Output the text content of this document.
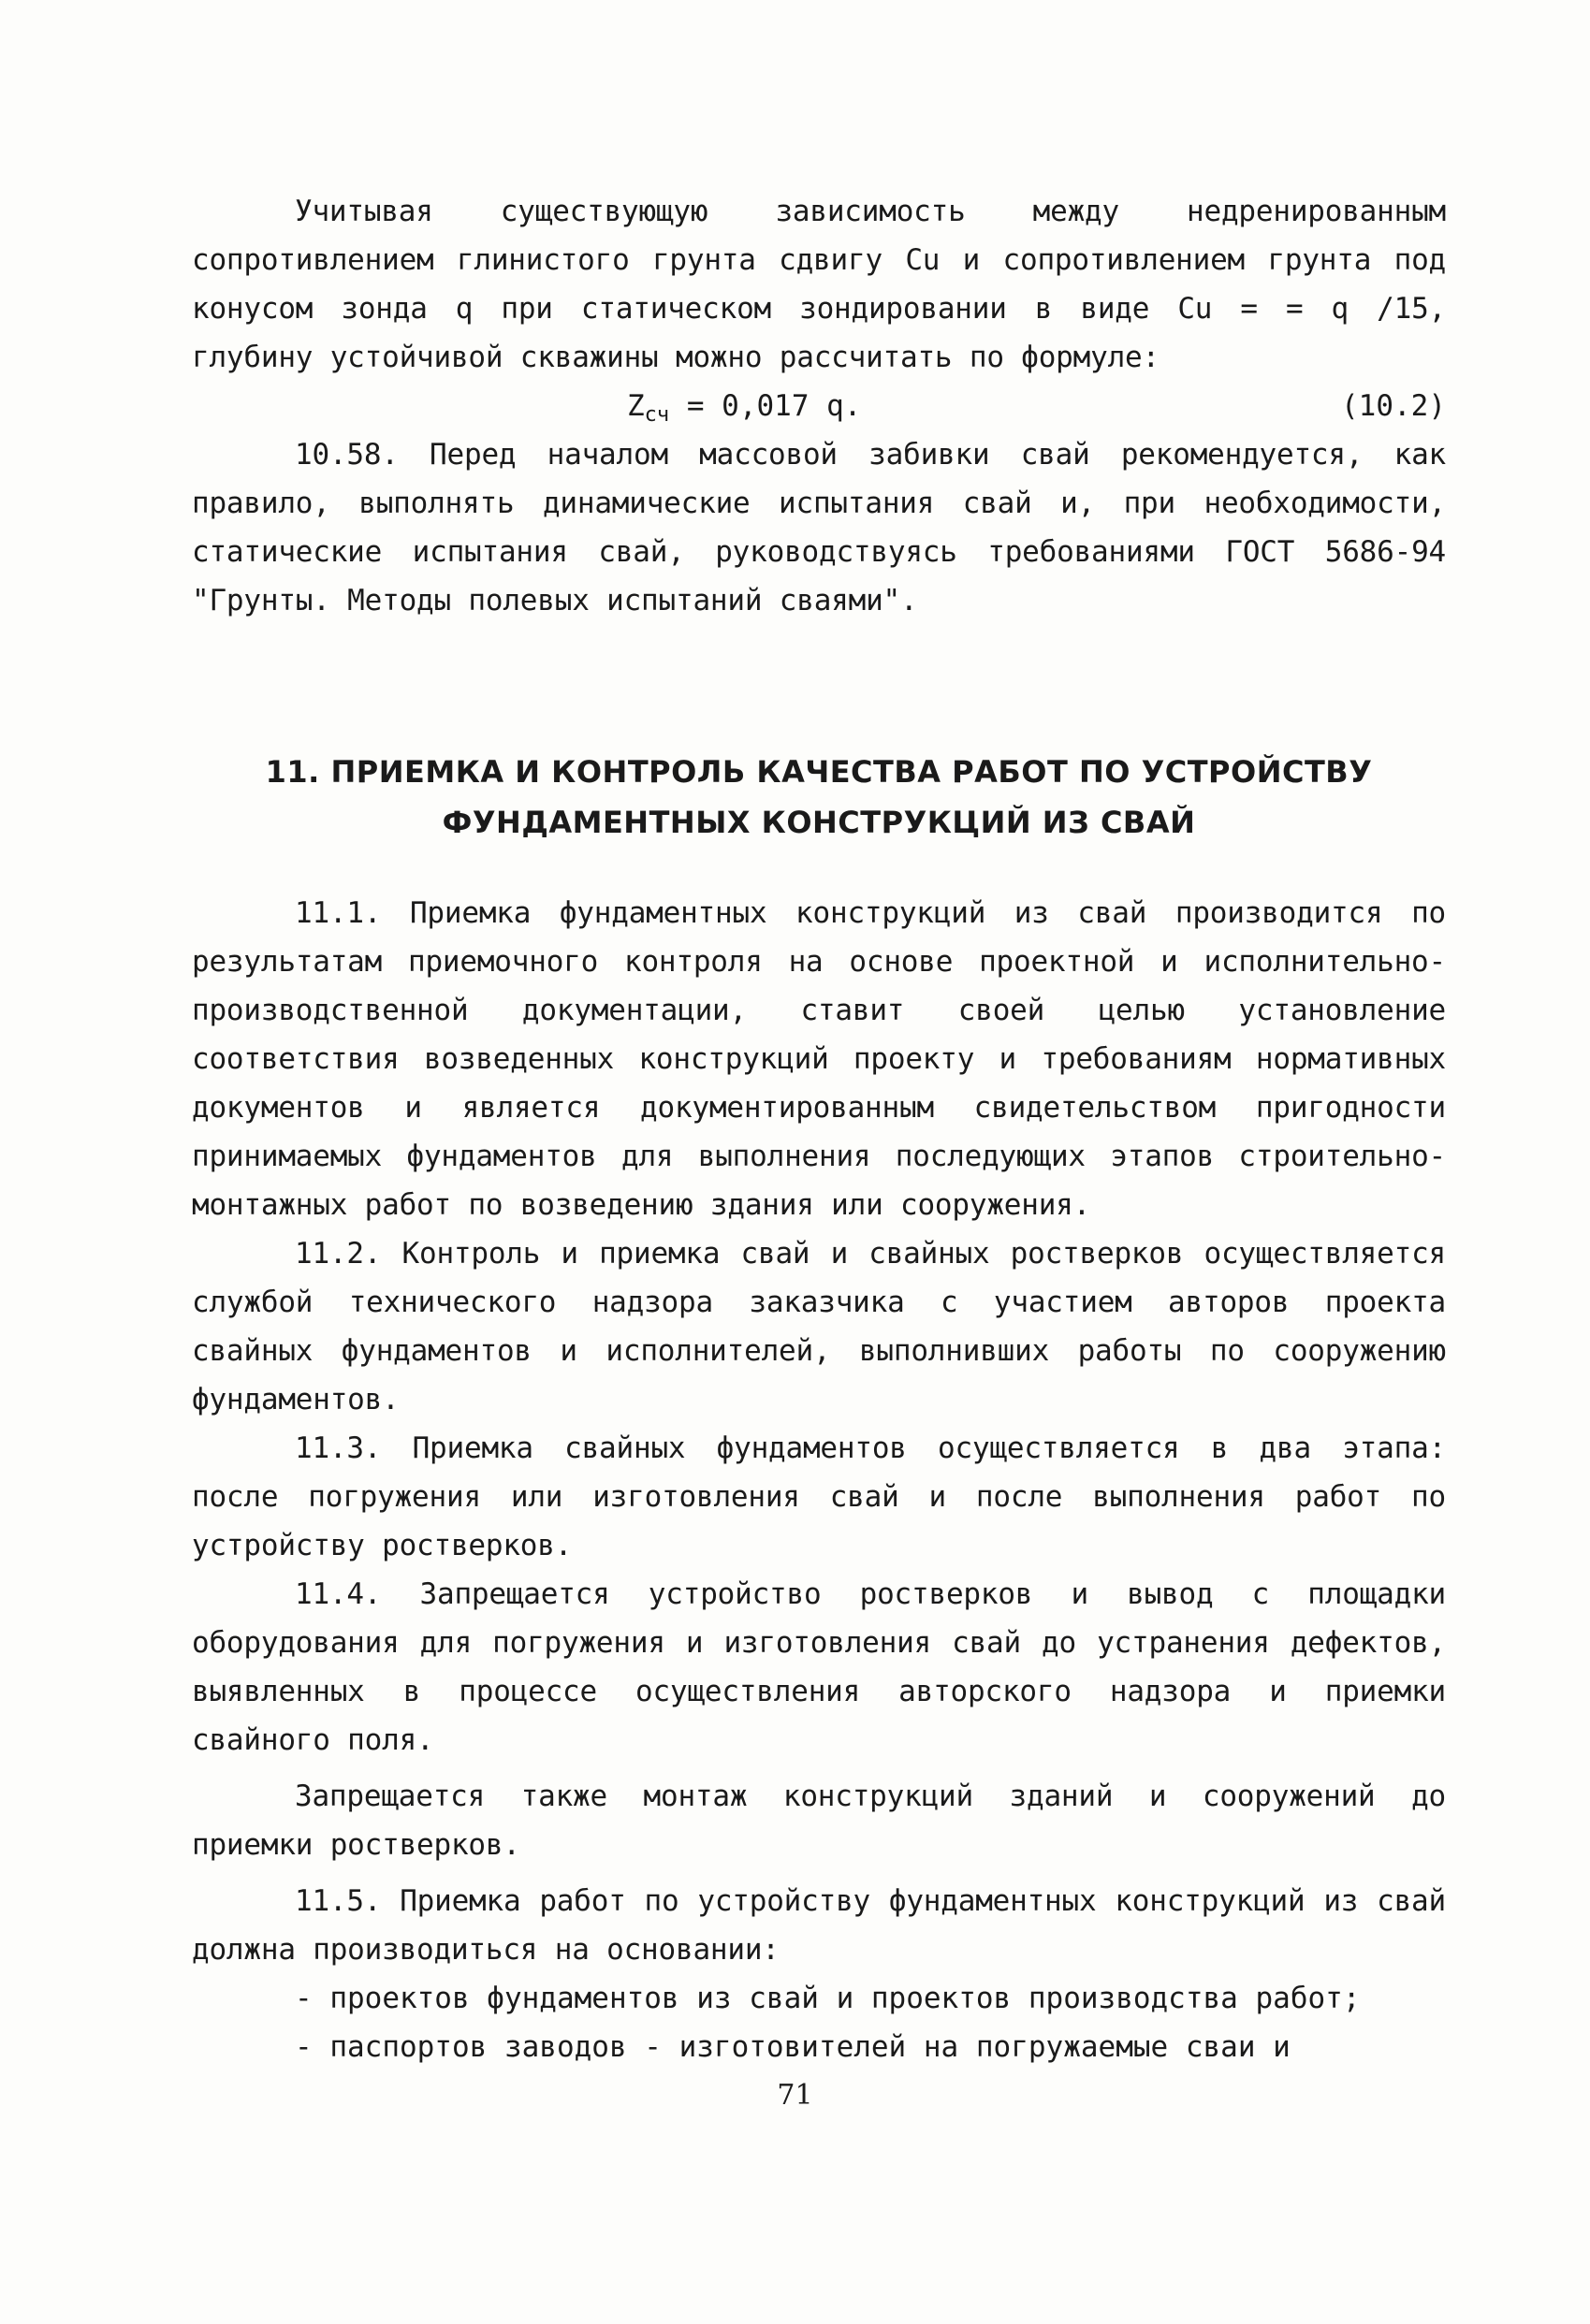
Учитывая существующую зависимость между недренированным сопротивлением глинистого грунта сдвигу Cu и сопротивлением грунта под конусом зонда q при статическом зондировании в виде Cu = = q /15, глубину устойчивой скважины можно рассчитать по формуле:

$Z_{сч} = 0,017$ q.	(10.2)

10.58. Перед началом массовой забивки свай рекомендуется, как правило, выполнять динамические испытания свай и, при необходимости, статические испытания свай, руководствуясь требованиями ГОСТ 5686-94 "Грунты. Методы полевых испытаний сваями".

11. ПРИЕМКА И КОНТРОЛЬ КАЧЕСТВА РАБОТ ПО УСТРОЙСТВУ
ФУНДАМЕНТНЫХ КОНСТРУКЦИЙ ИЗ СВАЙ

11.1. Приемка фундаментных конструкций из свай производится по результатам приемочного контроля на основе проектной и исполнительно-производственной документации, ставит своей целью установление соответствия возведенных конструкций проекту и требованиям нормативных документов и является документированным свидетельством пригодности принимаемых фундаментов для выполнения последующих этапов строительно-монтажных работ по возведению здания или сооружения.

11.2. Контроль и приемка свай и свайных ростверков осуществляется службой технического надзора заказчика с участием авторов проекта свайных фундаментов и исполнителей, выполнивших работы по сооружению фундаментов.

11.3. Приемка свайных фундаментов осуществляется в два этапа: после погружения или изготовления свай и после выполнения работ по устройству ростверков.

11.4. Запрещается устройство ростверков и вывод с площадки оборудования для погружения и изготовления свай до устранения дефектов, выявленных в процессе осуществления авторского надзора и приемки свайного поля.

Запрещается также монтаж конструкций зданий и сооружений до приемки ростверков.

11.5. Приемка работ по устройству фундаментных конструкций из свай должна производиться на основании:

- проектов фундаментов из свай и проектов производства работ;

- паспортов заводов - изготовителей на погружаемые сваи и

71
